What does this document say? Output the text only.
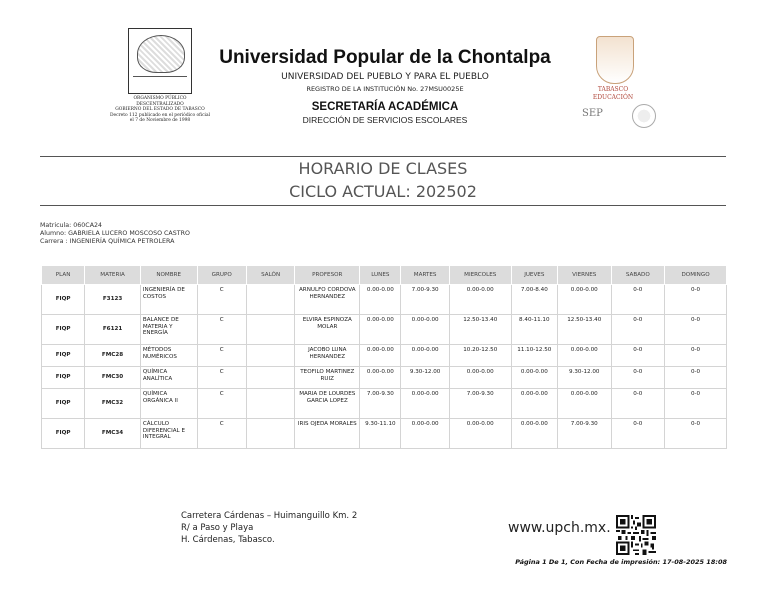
ORGANISMO PÚBLICO
DESCENTRALIZADO
GOBIERNO DEL ESTADO DE TABASCO
Decreto 112 publicado en el periódico oficial
el 7 de Noviembre de 1998
Universidad Popular de la Chontalpa
UNIVERSIDAD DEL PUEBLO Y PARA EL PUEBLO
REGISTRO DE LA INSTITUCIÓN No. 27MSU0025E
SECRETARÍA ACADÉMICA
DIRECCIÓN DE SERVICIOS ESCOLARES
TABASCO
EDUCACIÓN
SEP
HORARIO DE CLASES
CICLO ACTUAL: 202502
Matricula: 060CA24
Alumno: GABRIELA LUCERO MOSCOSO CASTRO
Carrera : INGENIERÍA QUÍMICA PETROLERA
PLAN	MATERIA	NOMBRE	GRUPO	SALÓN	PROFESOR	LUNES	MARTES	MIERCOLES	JUEVES	VIERNES	SABADO	DOMINGO
FIQP	F3123	INGENIERÍA DE COSTOS	C		ARNULFO CORDOVA HERNANDEZ	0.00-0.00	7.00-9.30	0.00-0.00	7.00-8.40	0.00-0.00	0-0	0-0
FIQP	F6121	BALANCE DE MATERIA Y ENERGÍA	C		ELVIRA ESPINOZA MOLAR	0.00-0.00	0.00-0.00	12.50-13.40	8.40-11.10	12.50-13.40	0-0	0-0
FIQP	FMC28	MÉTODOS NUMÉRICOS	C		JACOBO LUNA HERNANDEZ	0.00-0.00	0.00-0.00	10.20-12.50	11.10-12.50	0.00-0.00	0-0	0-0
FIQP	FMC30	QUÍMICA ANALÍTICA	C		TEOFILO MARTINEZ RUIZ	0.00-0.00	9.30-12.00	0.00-0.00	0.00-0.00	9.30-12.00	0-0	0-0
FIQP	FMC32	QUÍMICA ORGÁNICA II	C		MARIA DE LOURDES GARCIA LOPEZ	7.00-9.30	0.00-0.00	7.00-9.30	0.00-0.00	0.00-0.00	0-0	0-0
FIQP	FMC34	CÁLCULO DIFERENCIAL E INTEGRAL	C		IRIS OJEDA MORALES	9.30-11.10	0.00-0.00	0.00-0.00	0.00-0.00	7.00-9.30	0-0	0-0
Carretera Cárdenas – Huimanguillo Km. 2
R/ a Paso y Playa
H. Cárdenas, Tabasco.
www.upch.mx.
Página 1 De 1, Con Fecha de impresión: 17-08-2025 18:08
